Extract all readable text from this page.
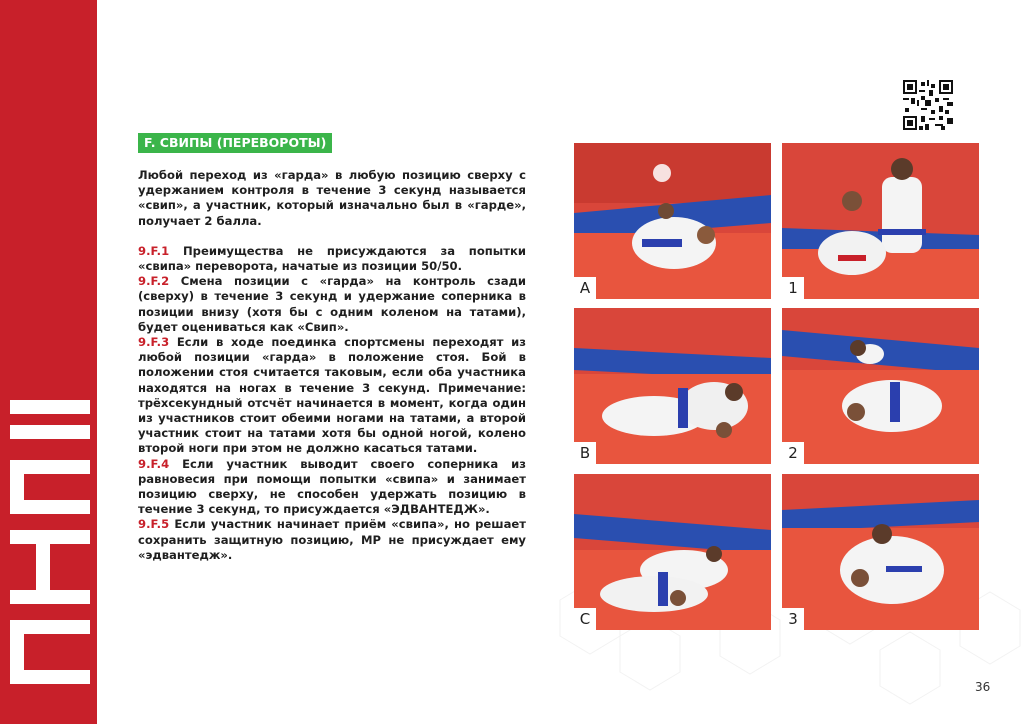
F. СВИПЫ (ПЕРЕВОРОТЫ)

Любой переход из «гарда» в любую позицию сверху с удержанием контроля в течение 3 секунд называется «свип», а участник, который изначально был в «гарде», получает 2 балла.

9.F.1 Преимущества не присуждаются за попытки «свипа» переворота, начатые из позиции 50/50.

9.F.2 Смена позиции с «гарда» на контроль сзади (сверху) в течение 3 секунд и удержание соперника в позиции внизу (хотя бы с одним коленом на татами), будет оцениваться как «Свип».

9.F.3 Если в ходе поединка спортсмены переходят из любой позиции «гарда» в положение стоя. Бой в положении стоя считается таковым, если оба участника находятся на ногах в течение 3 секунд. Примечание: трёхсекундный отсчёт начинается в момент, когда один из участников стоит обеими ногами на татами, а второй участник стоит на татами хотя бы одной ногой, колено второй ноги при этом не должно касаться татами.

9.F.4 Если участник выводит своего соперника из равновесия при помощи попытки «свипа» и занимает позицию сверху, не способен удержать позицию в течение 3 секунд, то присуждается «ЭДВАНТЕДЖ».

9.F.5 Если участник начинает приём «свипа», но решает сохранить защитную позицию, МР не присуждает ему «эдвантедж».

A	1
B	2
C	3
36
